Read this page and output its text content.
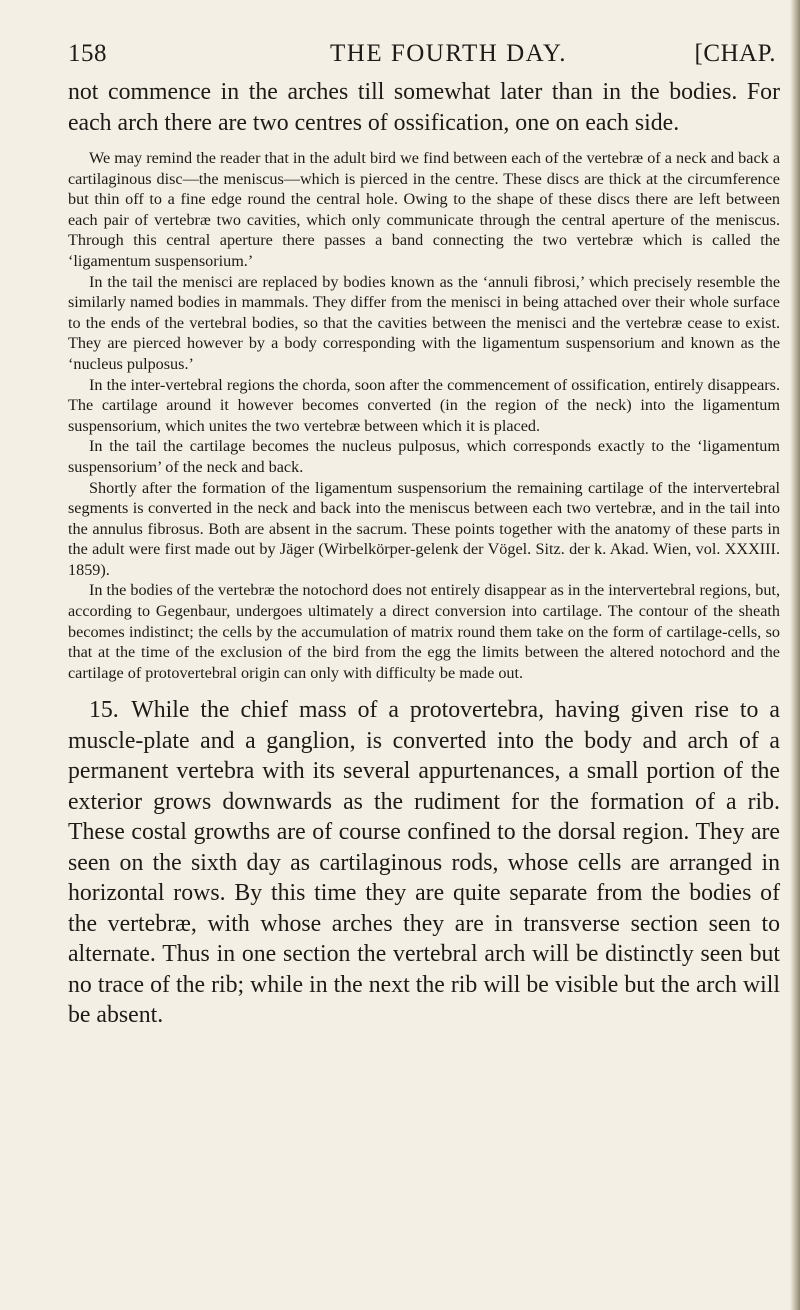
158	THE FOURTH DAY.	[CHAP.

not commence in the arches till somewhat later than in the bodies. For each arch there are two centres of ossification, one on each side.

We may remind the reader that in the adult bird we find between each of the vertebræ of a neck and back a cartilaginous disc—the meniscus—which is pierced in the centre. These discs are thick at the circumference but thin off to a fine edge round the central hole. Owing to the shape of these discs there are left between each pair of vertebræ two cavities, which only communicate through the central aperture of the meniscus. Through this central aperture there passes a band connecting the two vertebræ which is called the ‘ligamentum suspensorium.’

In the tail the menisci are replaced by bodies known as the ‘annuli fibrosi,’ which precisely resemble the similarly named bodies in mammals. They differ from the menisci in being attached over their whole surface to the ends of the vertebral bodies, so that the cavities between the menisci and the vertebræ cease to exist. They are pierced however by a body corresponding with the ligamentum suspensorium and known as the ‘nucleus pulposus.’

In the inter-vertebral regions the chorda, soon after the commencement of ossification, entirely disappears. The cartilage around it however becomes converted (in the region of the neck) into the ligamentum suspensorium, which unites the two vertebræ between which it is placed.

In the tail the cartilage becomes the nucleus pulposus, which corresponds exactly to the ‘ligamentum suspensorium’ of the neck and back.

Shortly after the formation of the ligamentum suspensorium the remaining cartilage of the intervertebral segments is converted in the neck and back into the meniscus between each two vertebræ, and in the tail into the annulus fibrosus. Both are absent in the sacrum. These points together with the anatomy of these parts in the adult were first made out by Jäger (Wirbelkörper-gelenk der Vögel. Sitz. der k. Akad. Wien, vol. XXXIII. 1859).

In the bodies of the vertebræ the notochord does not entirely disappear as in the intervertebral regions, but, according to Gegenbaur, undergoes ultimately a direct conversion into cartilage. The contour of the sheath becomes indistinct; the cells by the accumulation of matrix round them take on the form of cartilage-cells, so that at the time of the exclusion of the bird from the egg the limits between the altered notochord and the cartilage of protovertebral origin can only with difficulty be made out.

15. While the chief mass of a protovertebra, having given rise to a muscle-plate and a ganglion, is converted into the body and arch of a permanent vertebra with its several appurtenances, a small portion of the exterior grows downwards as the rudiment for the formation of a rib. These costal growths are of course confined to the dorsal region. They are seen on the sixth day as cartilaginous rods, whose cells are arranged in horizontal rows. By this time they are quite separate from the bodies of the vertebræ, with whose arches they are in transverse section seen to alternate. Thus in one section the vertebral arch will be distinctly seen but no trace of the rib; while in the next the rib will be visible but the arch will be absent.
